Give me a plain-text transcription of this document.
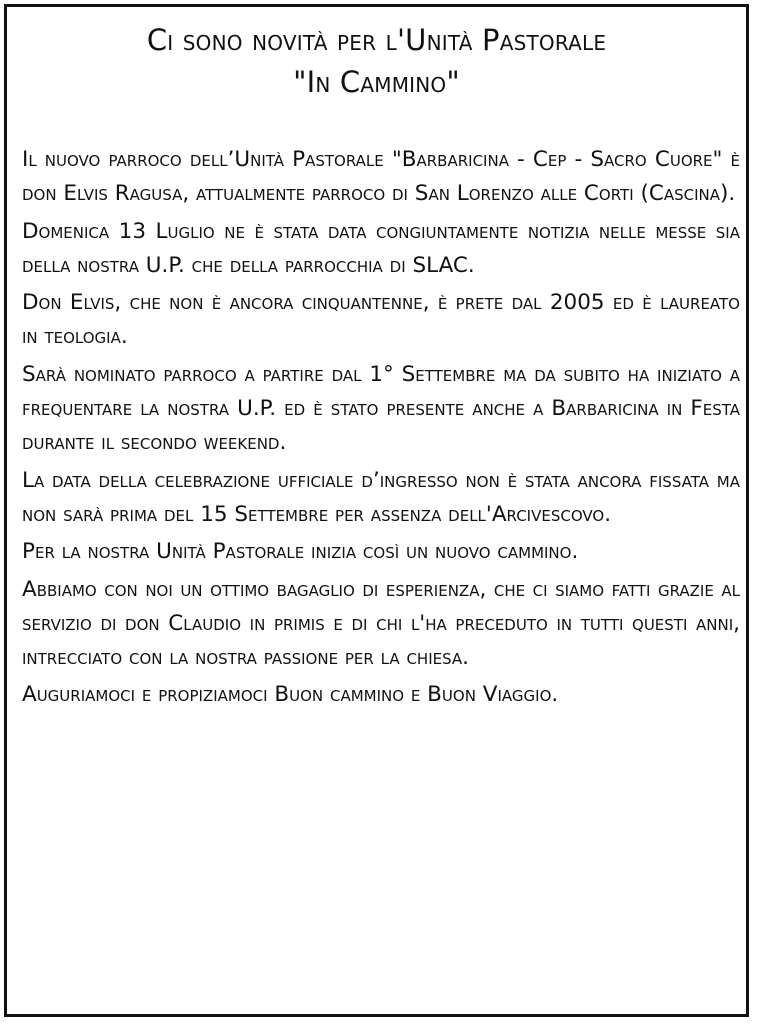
Ci sono novità per l'Unità Pastorale
"In Cammino"

Il nuovo parroco dell’Unità Pastorale "Barbaricina - Cep - Sacro Cuore" è don Elvis Ragusa, attualmente parroco di San Lorenzo alle Corti (Cascina).

Domenica 13 Luglio ne è stata data congiuntamente notizia nelle messe sia della nostra U.P. che della parrocchia di SLAC.

Don Elvis, che non è ancora cinquantenne, è prete dal 2005 ed è laureato in teologia.

Sarà nominato parroco a partire dal 1° Settembre ma da subito ha iniziato a frequentare la nostra U.P. ed è stato presente anche a Barbaricina in Festa durante il secondo weekend.

La data della celebrazione ufficiale d’ingresso non è stata ancora fissata ma non sarà prima del 15 Settembre per assenza dell'Arcivescovo.

Per la nostra Unità Pastorale inizia così un nuovo cammino.

Abbiamo con noi un ottimo bagaglio di esperienza, che ci siamo fatti grazie al servizio di don Claudio in primis e di chi l'ha preceduto in tutti questi anni, intrecciato con la nostra passione per la chiesa.

Auguriamoci e propiziamoci Buon cammino e Buon Viaggio.
